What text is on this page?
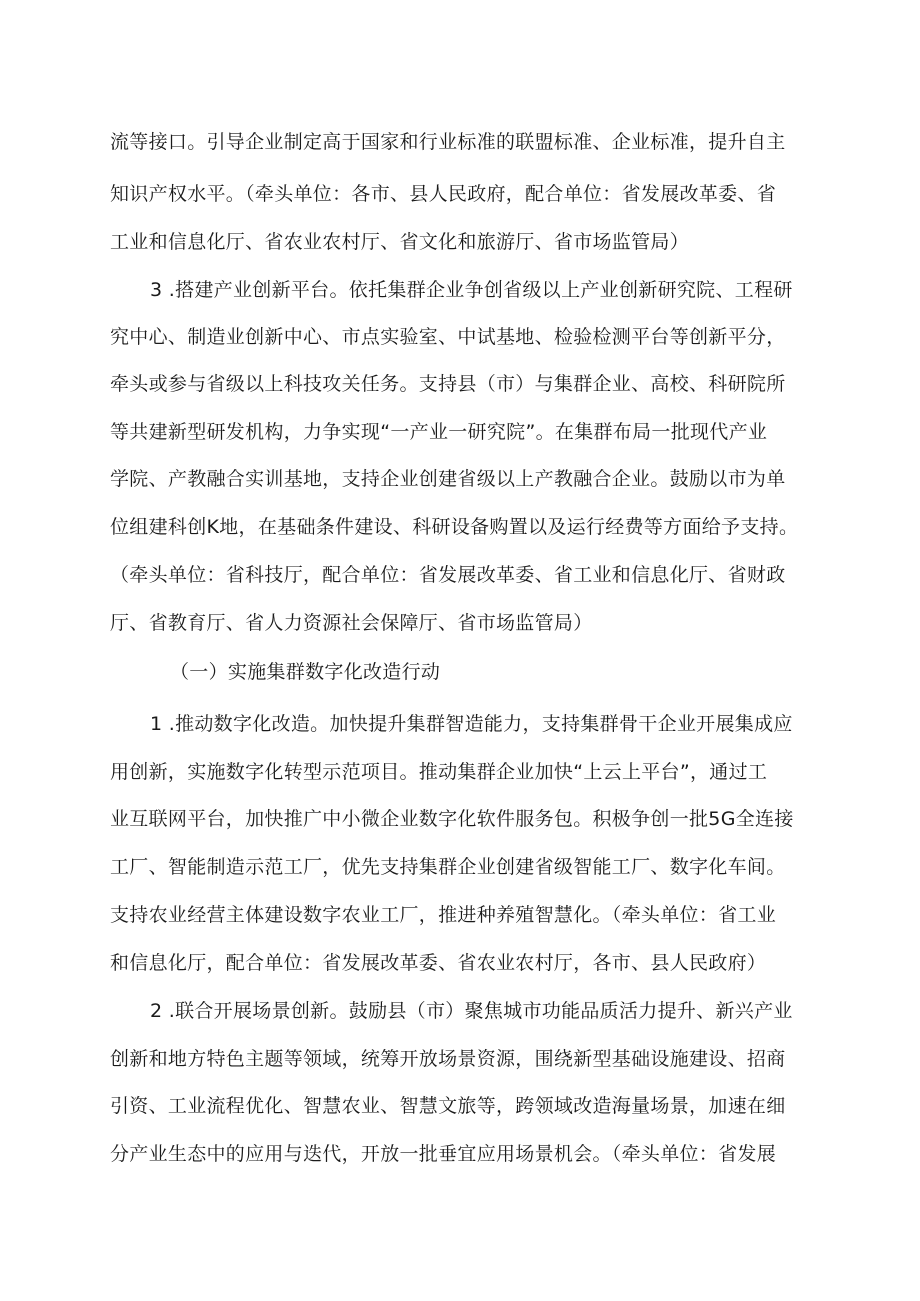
流等接口。引导企业制定高于国家和行业标准的联盟标准、企业标准，提升自主
知识产权水平。（牵头单位：各市、县人民政府，配合单位：省发展改革委、省
工业和信息化厅、省农业农村厅、省文化和旅游厅、省市场监管局）
3 .搭建产业创新平台。依托集群企业争创省级以上产业创新研究院、工程研
究中心、制造业创新中心、市点实验室、中试基地、检验检测平台等创新平分，
牵头或参与省级以上科技攻关任务。支持县（市）与集群企业、高校、科研院所
等共建新型研发机构，力争实现“一产业一研究院”。在集群布局一批现代产业
学院、产教融合实训基地，支持企业创建省级以上产教融合企业。鼓励以市为单
位组建科创K地，在基础条件建设、科研设备购置以及运行经费等方面给予支持。
（牵头单位：省科技厅，配合单位：省发展改革委、省工业和信息化厅、省财政
厅、省教育厅、省人力资源社会保障厅、省市场监管局）
（一）实施集群数字化改造行动
1 .推动数字化改造。加快提升集群智造能力，支持集群骨干企业开展集成应
用创新，实施数字化转型示范项目。推动集群企业加快“上云上平台”，通过工
业互联网平台，加快推广中小微企业数字化软件服务包。积极争创一批5G全连接
工厂、智能制造示范工厂，优先支持集群企业创建省级智能工厂、数字化车间。
支持农业经营主体建设数字农业工厂，推进种养殖智慧化。（牵头单位：省工业
和信息化厅，配合单位：省发展改革委、省农业农村厅，各市、县人民政府）
2 .联合开展场景创新。鼓励县（市）聚焦城市功能品质活力提升、新兴产业
创新和地方特色主题等领域，统筹开放场景资源，围绕新型基础设施建设、招商
引资、工业流程优化、智慧农业、智慧文旅等，跨领域改造海量场景，加速在细
分产业生态中的应用与迭代，开放一批垂宜应用场景机会。（牵头单位：省发展
